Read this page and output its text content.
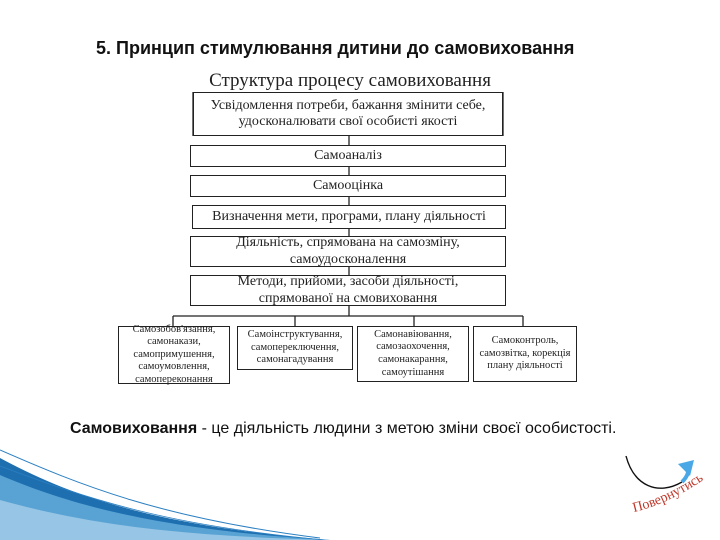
5. Принцип стимулювання дитини до самовиховання
Структура процесу самовиховання
Усвідомлення потреби, бажання змінити себе, удосконалювати свої особисті якості
Самоаналіз
Самооцінка
Визначення мети, програми, плану діяльності
Діяльність, спрямована на самозміну, самоудосконалення
Методи, прийоми, засоби діяльності, спрямованої на смовиховання
Самозобов'язання, самонакази, самопримушення, самоумовлення, самопереконання
Самоінструктування, самопереключення, самонагадування
Самонавіювання, самозаохочення, самонакарання, самоутішання
Самоконтроль, самозвітка, корекція плану діяльності
Самовиховання - це діяльність людини з метою зміни своєї особистості.
Повернутись
